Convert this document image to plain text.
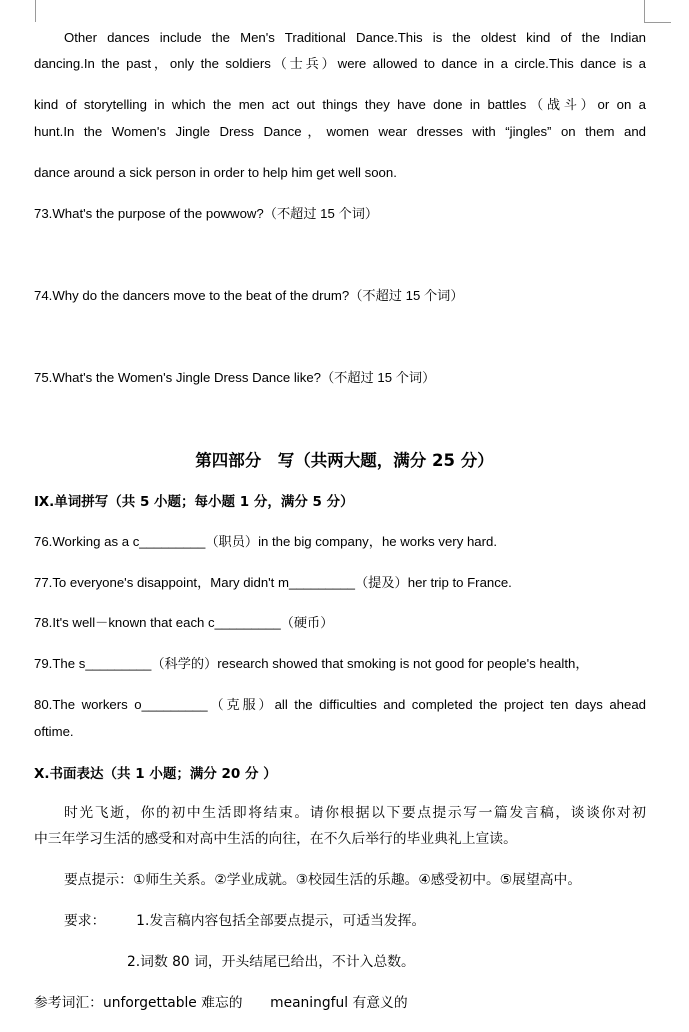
Other dances include the Men's Traditional Dance.This is the oldest kind of the Indian
dancing.In the past，only the soldiers（士兵）were allowed to dance in a circle.This dance is a
kind of storytelling in which the men act out things they have done in battles（战斗）or on a
hunt.In the Women's Jingle Dress Dance，women wear dresses with “jingles” on them and
dance around a sick person in order to help him get well soon.
73.What's the purpose of the powwow?（不超过 15 个词）
74.Why do the dancers move to the beat of the drum?（不超过 15 个词）
75.What's the Women's Jingle Dress Dance like?（不超过 15 个词）
第四部分　写（共两大题，满分 25 分）
Ⅸ.单词拼写（共 5 小题；每小题 1 分，满分 5 分）
76.Working as a c_________（职员）in the big company，he works very hard.
77.To everyone's disappoint，Mary didn't m_________（提及）her trip to France.
78.It's well－known that each c_________（硬币）
79.The s_________（科学的）research showed that smoking is not good for people's health，
80.The workers o_________（克服）all the difficulties and completed the project ten days ahead
oftime.
Ⅹ.书面表达（共 1 小题；满分 20 分 ）
时光飞逝，你的初中生活即将结束。请你根据以下要点提示写一篇发言稿，谈谈你对初
中三年学习生活的感受和对高中生活的向往，在不久后举行的毕业典礼上宣读。
要点提示：①师生关系。②学业成就。③校园生活的乐趣。④感受初中。⑤展望高中。
要求： 1.发言稿内容包括全部要点提示，可适当发挥。
2.词数 80 词，开头结尾已给出，不计入总数。
参考词汇：unforgettable 难忘的　　meaningful 有意义的
